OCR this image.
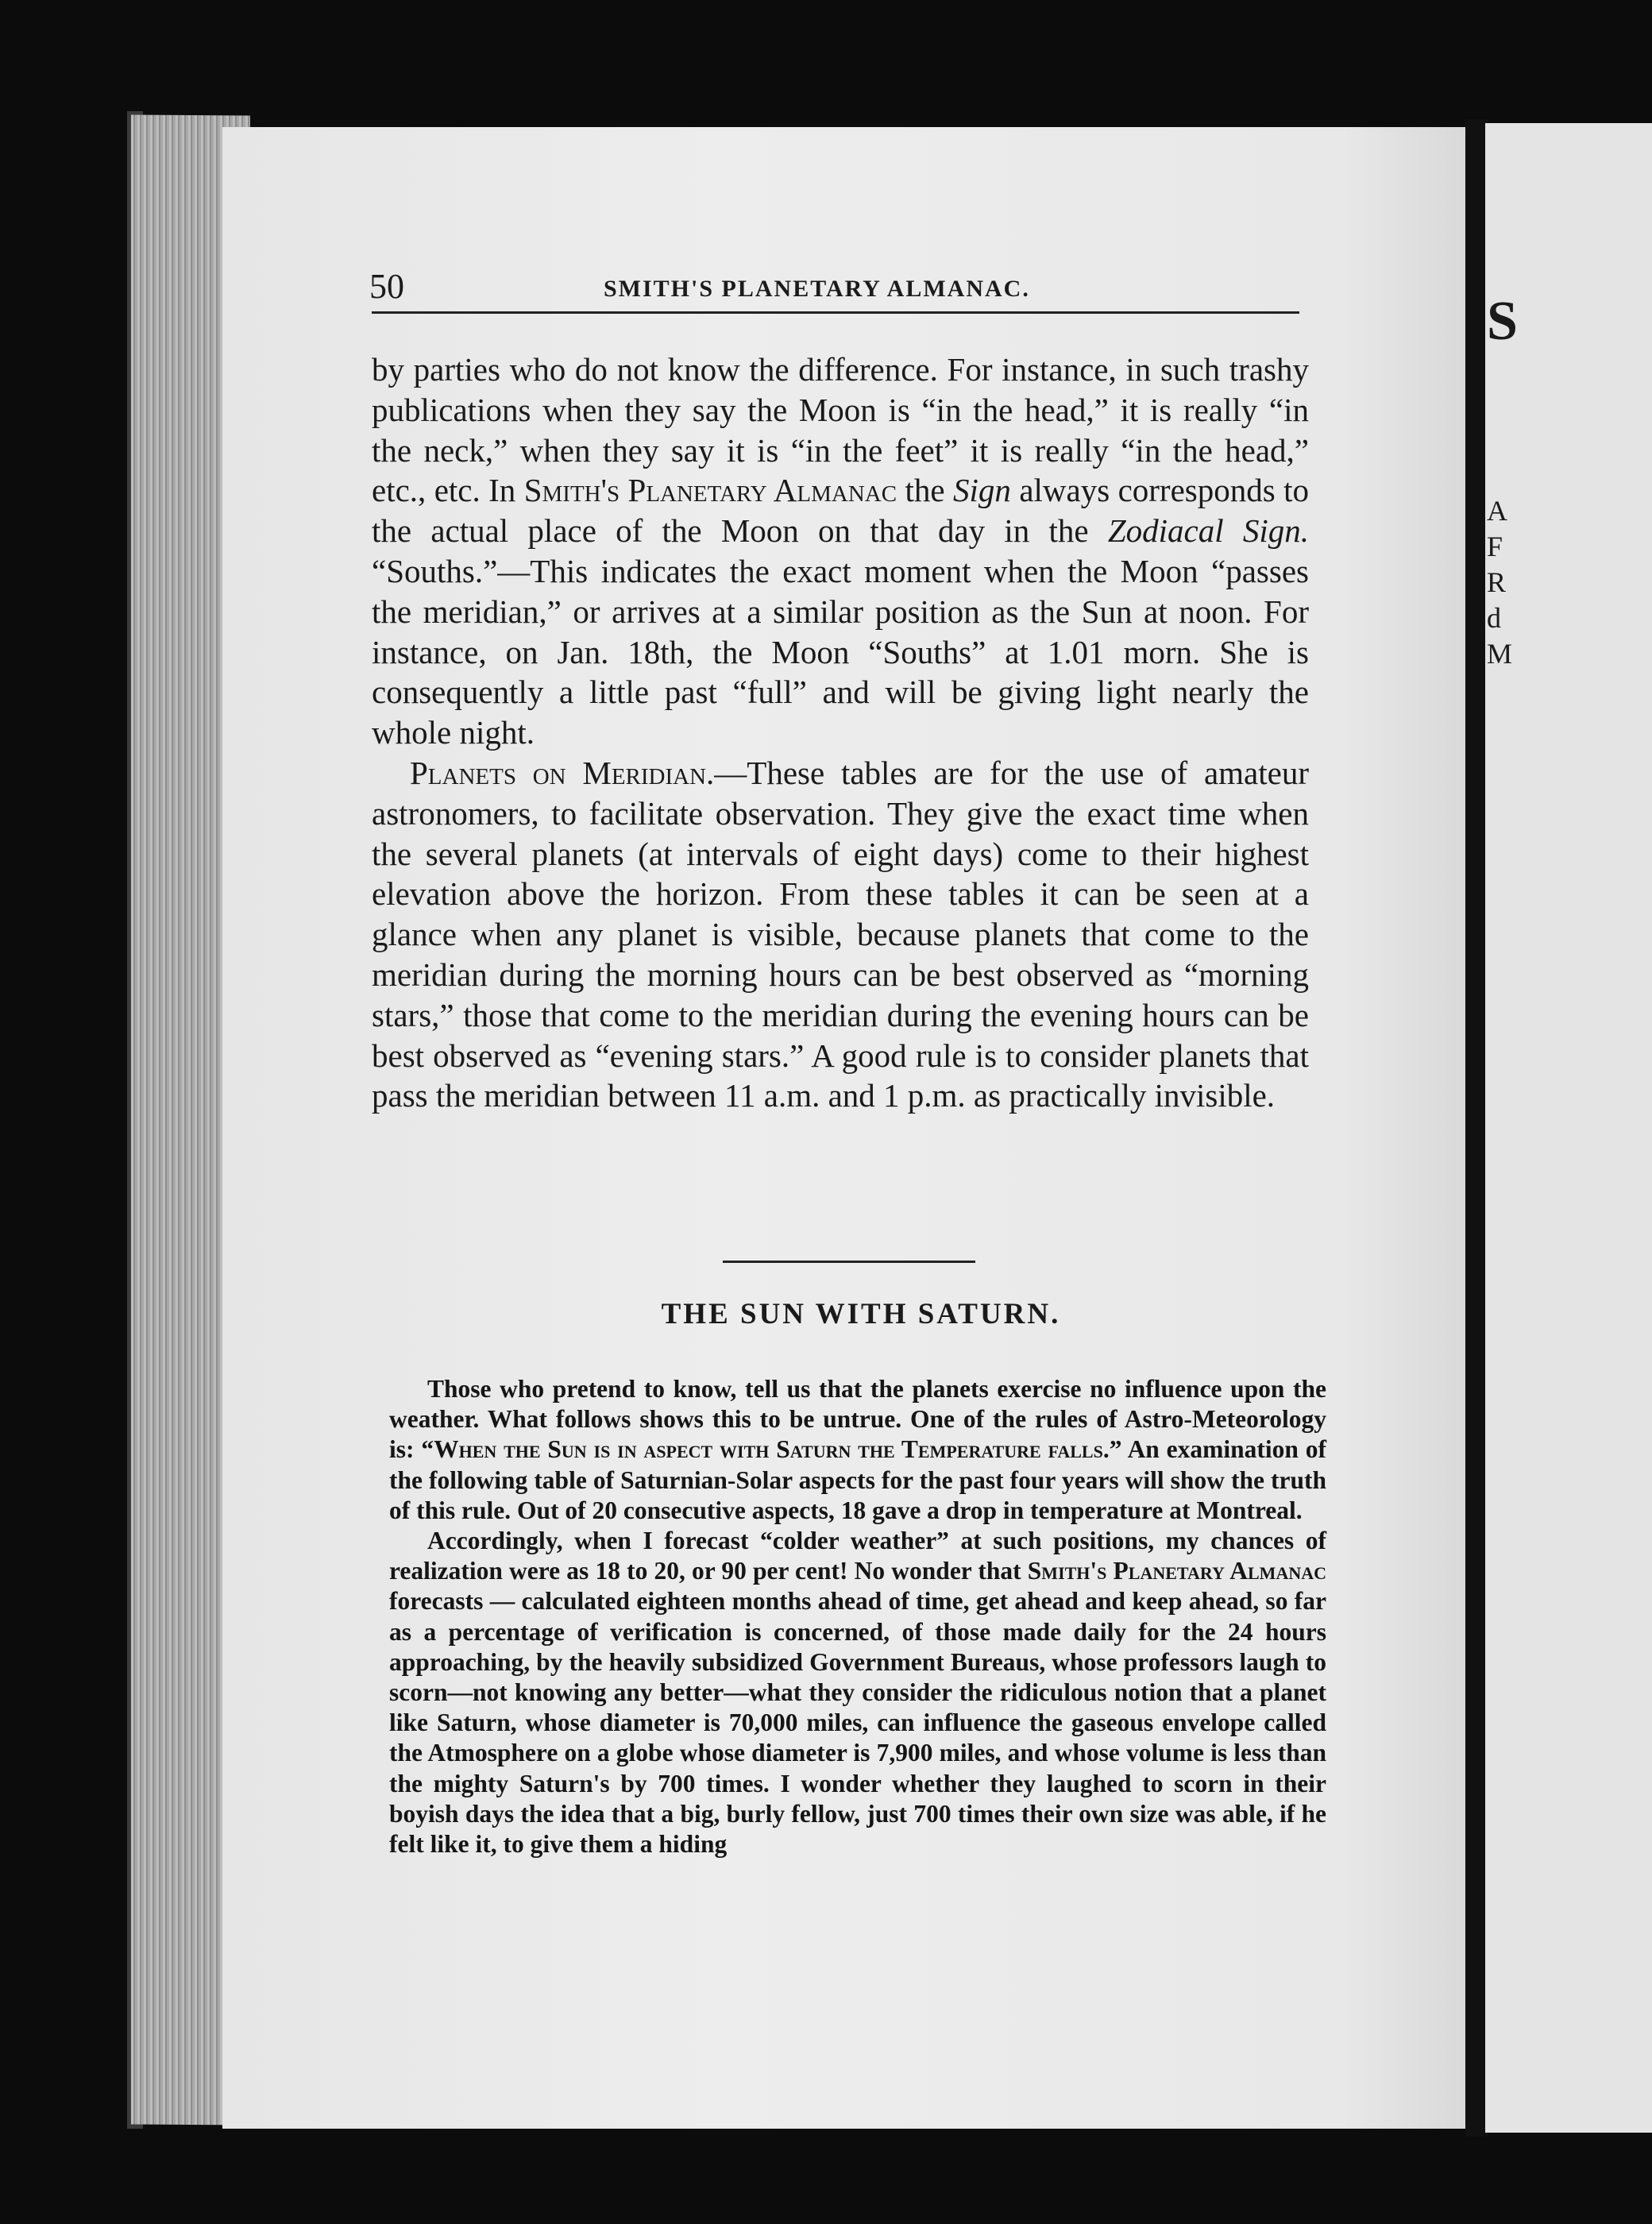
S
A
F
R
d
M
50	SMITH'S PLANETARY ALMANAC.

by parties who do not know the difference. For instance, in such trashy publications when they say the Moon is “in the head,” it is really “in the neck,” when they say it is “in the feet” it is really “in the head,” etc., etc. In Smith's Planetary Almanac the Sign always corresponds to the actual place of the Moon on that day in the Zodiacal Sign. “Souths.”—This indicates the exact moment when the Moon “passes the meridian,” or arrives at a similar position as the Sun at noon. For instance, on Jan. 18th, the Moon “Souths” at 1.01 morn. She is consequently a little past “full” and will be giving light nearly the whole night.

Planets on Meridian.—These tables are for the use of amateur astronomers, to facilitate observation. They give the exact time when the several planets (at intervals of eight days) come to their highest elevation above the horizon. From these tables it can be seen at a glance when any planet is visible, because planets that come to the meridian during the morning hours can be best observed as “morning stars,” those that come to the meridian during the evening hours can be best observed as “evening stars.” A good rule is to consider planets that pass the meridian between 11 a.m. and 1 p.m. as practically invisible.

THE SUN WITH SATURN.

Those who pretend to know, tell us that the planets exercise no influence upon the weather. What follows shows this to be untrue. One of the rules of Astro-Meteorology is: “When the Sun is in aspect with Saturn the Temperature falls.” An examination of the following table of Saturnian-Solar aspects for the past four years will show the truth of this rule. Out of 20 consecutive aspects, 18 gave a drop in temperature at Montreal.

Accordingly, when I forecast “colder weather” at such positions, my chances of realization were as 18 to 20, or 90 per cent! No wonder that Smith's Planetary Almanac forecasts — calculated eighteen months ahead of time, get ahead and keep ahead, so far as a percentage of verification is concerned, of those made daily for the 24 hours approaching, by the heavily subsidized Government Bureaus, whose professors laugh to scorn—not knowing any better—what they consider the ridiculous notion that a planet like Saturn, whose diameter is 70,000 miles, can influence the gaseous envelope called the Atmosphere on a globe whose diameter is 7,900 miles, and whose volume is less than the mighty Saturn's by 700 times. I wonder whether they laughed to scorn in their boyish days the idea that a big, burly fellow, just 700 times their own size was able, if he felt like it, to give them a hiding
